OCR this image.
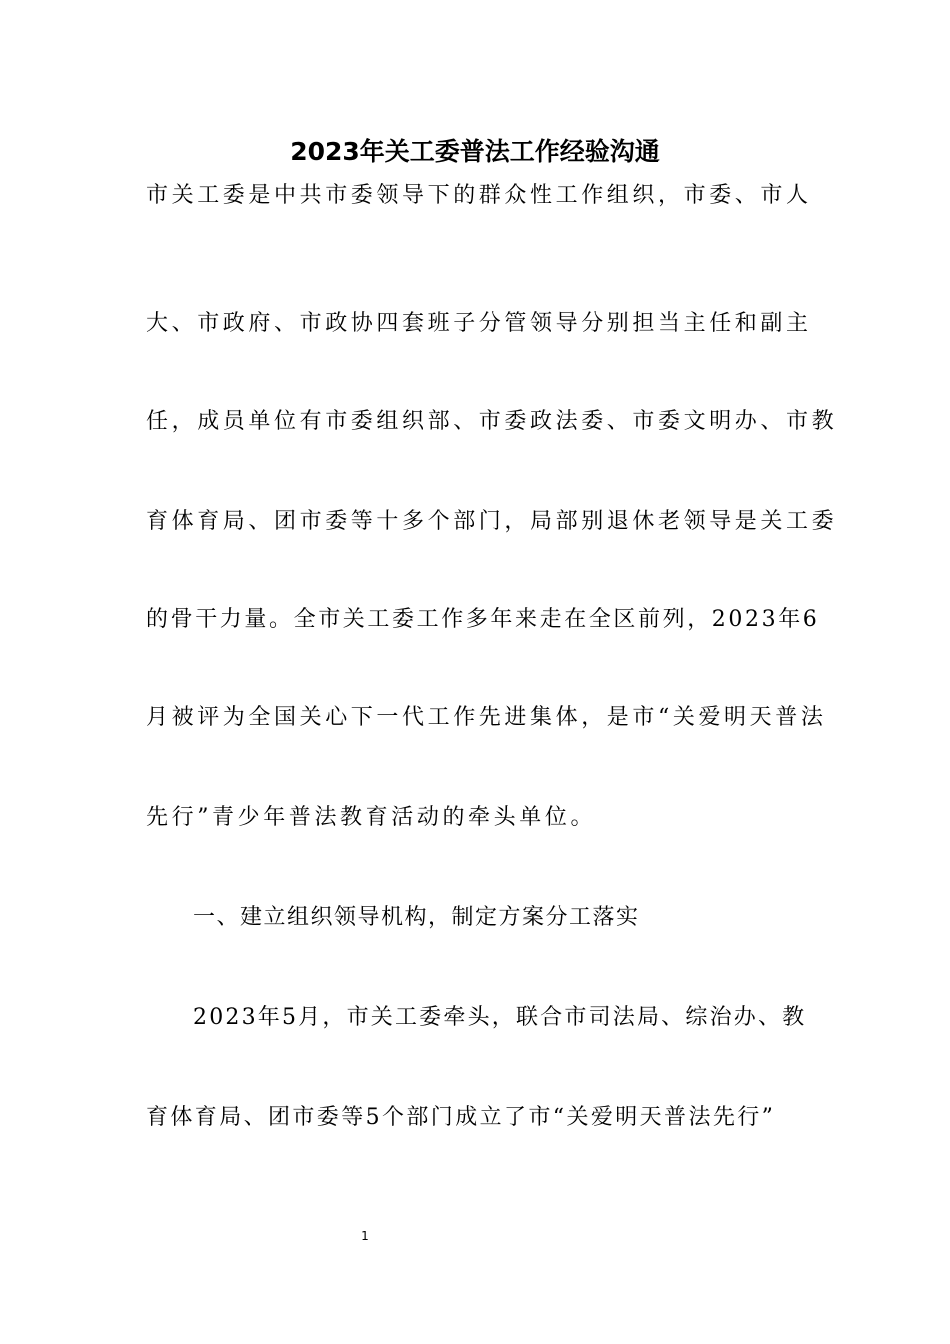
2023年关工委普法工作经验沟通
市关工委是中共市委领导下的群众性工作组织，市委、市人
大、市政府、市政协四套班子分管领导分别担当主任和副主
任，成员单位有市委组织部、市委政法委、市委文明办、市教
育体育局、团市委等十多个部门，局部别退休老领导是关工委
的骨干力量。全市关工委工作多年来走在全区前列，2023年6
月被评为全国关心下一代工作先进集体，是市“关爱明天普法
先行”青少年普法教育活动的牵头单位。
一、建立组织领导机构，制定方案分工落实
2023年5月，市关工委牵头，联合市司法局、综治办、教
育体育局、团市委等5个部门成立了市“关爱明天普法先行”
1
